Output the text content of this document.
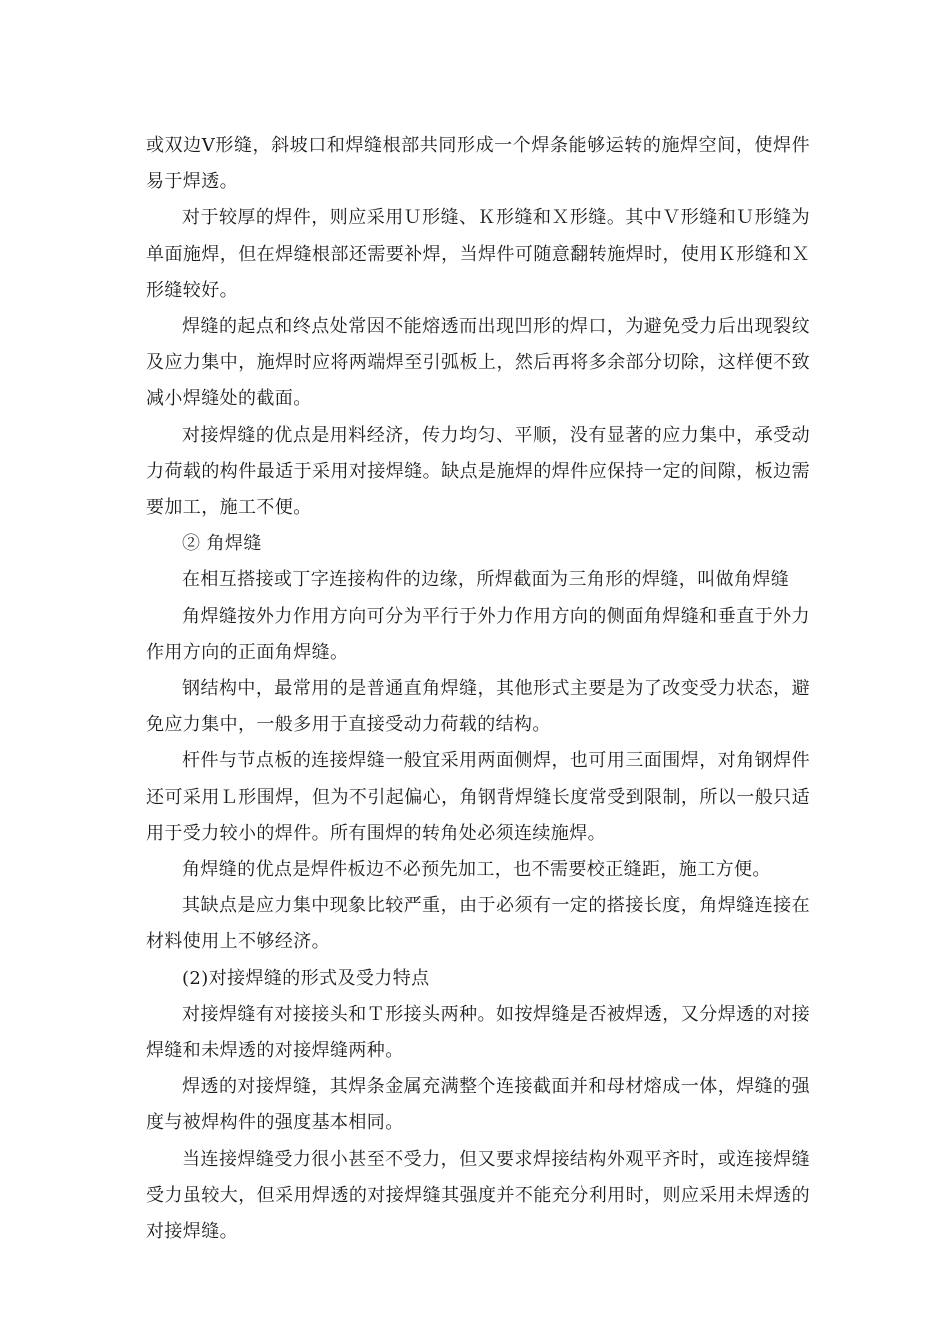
或双边Ⅴ形缝，斜坡口和焊缝根部共同形成一个焊条能够运转的施焊空间，使焊件易于焊透。

对于较厚的焊件，则应采用Ｕ形缝、Ｋ形缝和Ｘ形缝。其中Ｖ形缝和Ｕ形缝为单面施焊，但在焊缝根部还需要补焊，当焊件可随意翻转施焊时，使用Ｋ形缝和Ｘ形缝较好。

焊缝的起点和终点处常因不能熔透而出现凹形的焊口，为避免受力后出现裂纹及应力集中，施焊时应将两端焊至引弧板上，然后再将多余部分切除，这样便不致减小焊缝处的截面。

对接焊缝的优点是用料经济，传力均匀、平顺，没有显著的应力集中，承受动力荷载的构件最适于采用对接焊缝。缺点是施焊的焊件应保持一定的间隙，板边需要加工，施工不便。

② 角焊缝

在相互搭接或丁字连接构件的边缘，所焊截面为三角形的焊缝，叫做角焊缝

角焊缝按外力作用方向可分为平行于外力作用方向的侧面角焊缝和垂直于外力作用方向的正面角焊缝。

钢结构中，最常用的是普通直角焊缝，其他形式主要是为了改变受力状态，避免应力集中，一般多用于直接受动力荷载的结构。

杆件与节点板的连接焊缝一般宜采用两面侧焊，也可用三面围焊，对角钢焊件还可采用Ｌ形围焊，但为不引起偏心，角钢背焊缝长度常受到限制，所以一般只适用于受力较小的焊件。所有围焊的转角处必须连续施焊。

角焊缝的优点是焊件板边不必预先加工，也不需要校正缝距，施工方便。

其缺点是应力集中现象比较严重，由于必须有一定的搭接长度，角焊缝连接在材料使用上不够经济。

(2)对接焊缝的形式及受力特点

对接焊缝有对接接头和Ｔ形接头两种。如按焊缝是否被焊透，又分焊透的对接焊缝和未焊透的对接焊缝两种。

焊透的对接焊缝，其焊条金属充满整个连接截面并和母材熔成一体，焊缝的强度与被焊构件的强度基本相同。

当连接焊缝受力很小甚至不受力，但又要求焊接结构外观平齐时，或连接焊缝受力虽较大，但采用焊透的对接焊缝其强度并不能充分利用时，则应采用未焊透的对接焊缝。
